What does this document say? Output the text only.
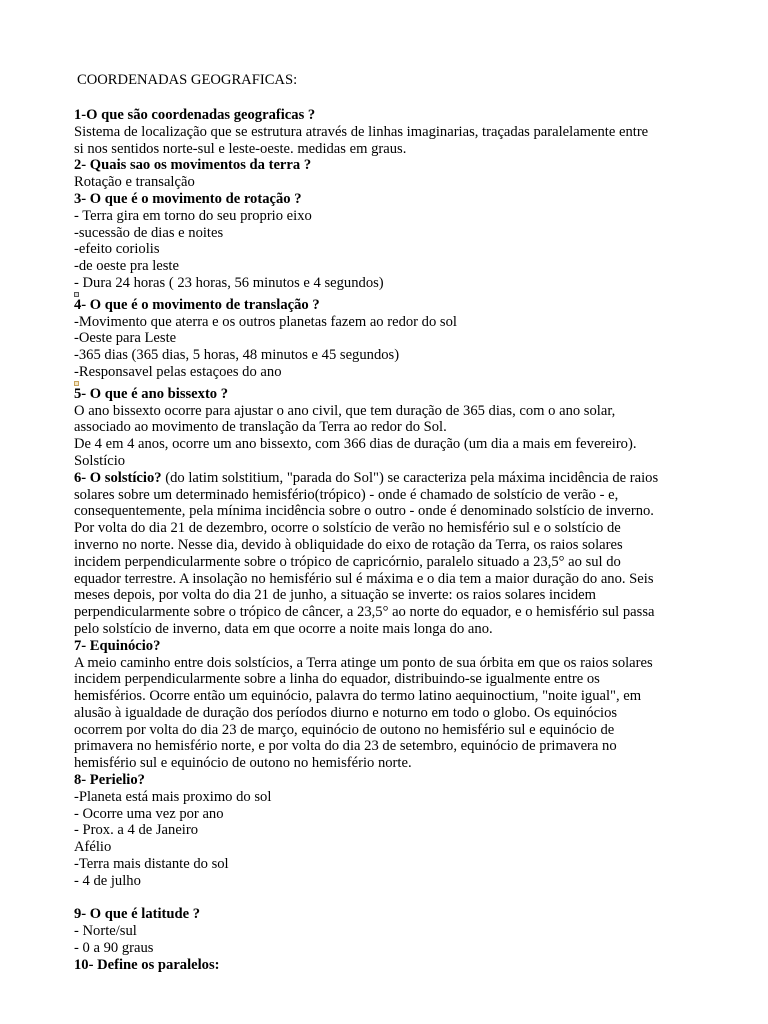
COORDENADAS GEOGRAFICAS:
1-O que são coordenadas geograficas ?
Sistema de localização que se estrutura através de linhas imaginarias, traçadas paralelamente entre
si nos sentidos norte-sul e leste-oeste. medidas em graus.
2- Quais sao os movimentos da terra ?
Rotação e transalção
3- O que é o movimento de rotação ?
- Terra gira em torno do seu proprio eixo
-sucessão de dias e noites
-efeito coriolis
-de oeste pra leste
- Dura 24 horas ( 23 horas, 56 minutos e 4 segundos)
4- O que é o movimento de translação ?
-Movimento que aterra e os outros planetas fazem ao redor do sol
-Oeste para Leste
-365 dias (365 dias, 5 horas, 48 minutos e 45 segundos)
-Responsavel pelas estaçoes do ano
5- O que é ano bissexto ?
O ano bissexto ocorre para ajustar o ano civil, que tem duração de 365 dias, com o ano solar,
associado ao movimento de translação da Terra ao redor do Sol.
De 4 em 4 anos, ocorre um ano bissexto, com 366 dias de duração (um dia a mais em fevereiro).
Solstício
6- O solstício? (do latim solstitium, "parada do Sol") se caracteriza pela máxima incidência de raios
solares sobre um determinado hemisfério(trópico) - onde é chamado de solstício de verão - e,
consequentemente, pela mínima incidência sobre o outro - onde é denominado solstício de inverno.
Por volta do dia 21 de dezembro, ocorre o solstício de verão no hemisfério sul e o solstício de
inverno no norte. Nesse dia, devido à obliquidade do eixo de rotação da Terra, os raios solares
incidem perpendicularmente sobre o trópico de capricórnio, paralelo situado a 23,5° ao sul do
equador terrestre. A insolação no hemisfério sul é máxima e o dia tem a maior duração do ano. Seis
meses depois, por volta do dia 21 de junho, a situação se inverte: os raios solares incidem
perpendicularmente sobre o trópico de câncer, a 23,5° ao norte do equador, e o hemisfério sul passa
pelo solstício de inverno, data em que ocorre a noite mais longa do ano.
7- Equinócio?
A meio caminho entre dois solstícios, a Terra atinge um ponto de sua órbita em que os raios solares
incidem perpendicularmente sobre a linha do equador, distribuindo-se igualmente entre os
hemisférios. Ocorre então um equinócio, palavra do termo latino aequinoctium, "noite igual", em
alusão à igualdade de duração dos períodos diurno e noturno em todo o globo. Os equinócios
ocorrem por volta do dia 23 de março, equinócio de outono no hemisfério sul e equinócio de
primavera no hemisfério norte, e por volta do dia 23 de setembro, equinócio de primavera no
hemisfério sul e equinócio de outono no hemisfério norte.
8- Perielio?
-Planeta está mais proximo do sol
- Ocorre uma vez por ano
- Prox. a 4 de Janeiro
Afélio
-Terra mais distante do sol
- 4 de julho
9- O que é latitude ?
- Norte/sul
- 0 a 90 graus
10- Define os paralelos:
